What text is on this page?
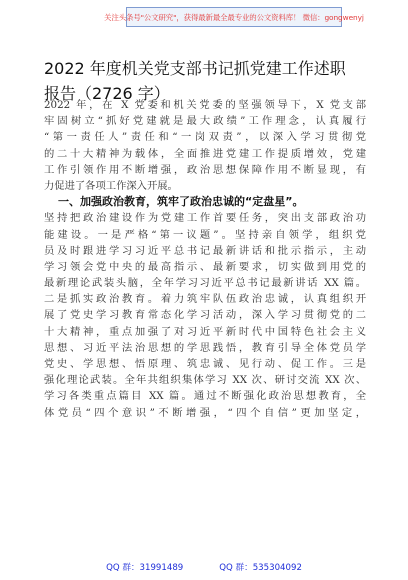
关注头条号"公文研究"，获得最新最全最专业的公文资料库！ 微信：gongwenyj
2022 年度机关党支部书记抓党建工作述职
报告（2726 字）
2022 年，在 X 党委和机关党委的坚强领导下，X 党支部
牢固树立“抓好党建就是最大政绩”工作理念，认真履行
“第一责任人”责任和“一岗双责”，以深入学习贯彻党
的二十大精神为载体，全面推进党建工作提质增效，党建
工作引领作用不断增强，政治思想保障作用不断显现，有
力促进了各项工作深入开展。
一、加强政治教育，筑牢了政治忠诚的“定盘星”。
坚持把政治建设作为党建工作首要任务，突出支部政治功
能建设。一是严格“第一议题”。坚持亲自领学，组织党
员及时跟进学习习近平总书记最新讲话和批示指示，主动
学习领会党中央的最高指示、最新要求，切实做到用党的
最新理论武装头脑，全年学习习近平总书记最新讲话 XX 篇。
二是抓实政治教育。着力筑牢队伍政治忠诚，认真组织开
展了党史学习教育常态化学习活动，深入学习贯彻党的二
十大精神，重点加强了对习近平新时代中国特色社会主义
思想、习近平法治思想的学思践悟，教育引导全体党员学
党史、学思想、悟原理、筑忠诚、见行动、促工作。三是
强化理论武装。全年共组织集体学习 XX 次、研讨交流 XX 次、
学习各类重点篇目 XX 篇。通过不断强化政治思想教育，全
体党员“四个意识”不断增强，“四个自信”更加坚定，
QQ 群：31991489	QQ 群：535304092
